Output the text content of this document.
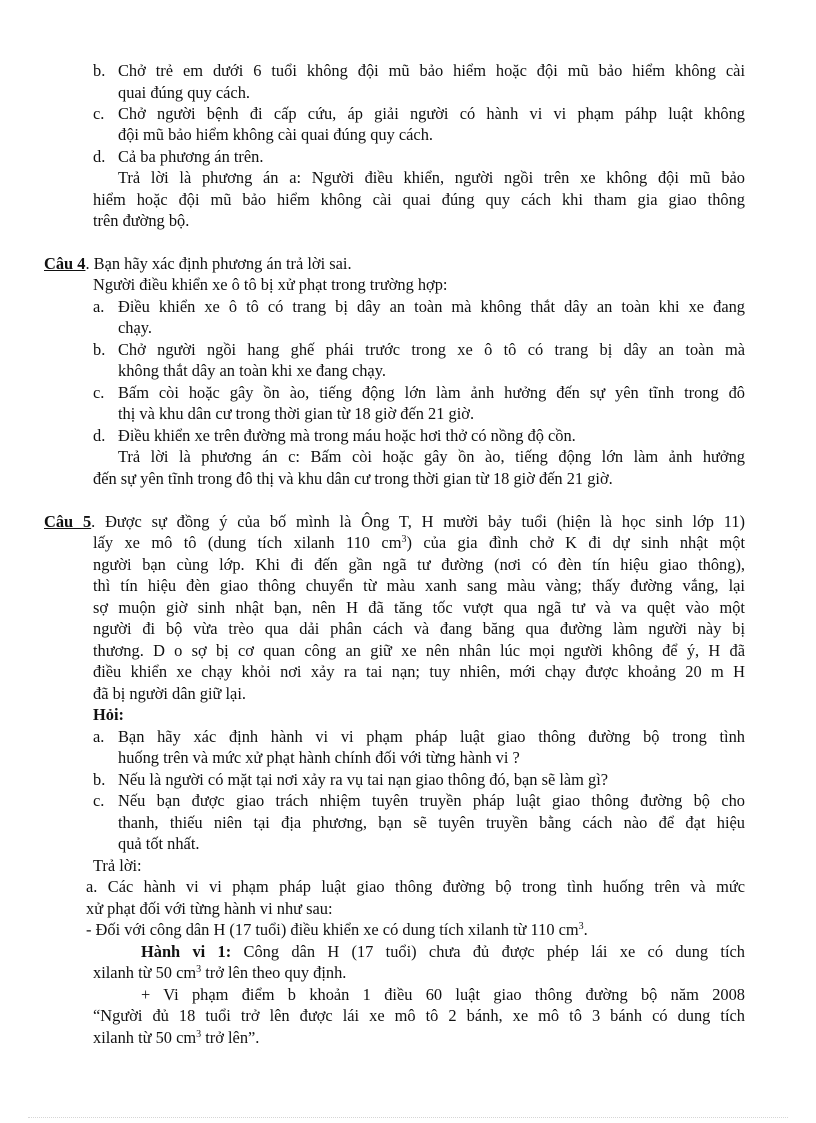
b. Chở trẻ em dưới 6 tuổi không đội mũ bảo hiểm hoặc đội mũ bảo hiểm không cài
quai đúng quy cách.
c. Chở người bệnh đi cấp cứu, áp giải người có hành vi vi phạm páhp luật không
đội mũ bảo hiểm không cài quai đúng quy cách.
d. Cả ba phương án trên.
Trả lời là phương án a: Người điều khiển, người ngồi trên xe không đội mũ bảo
hiểm hoặc đội mũ bảo hiểm không cài quai đúng quy cách khi tham gia giao thông
trên đường bộ.
Câu 4. Bạn hãy xác định phương án trả lời sai.
Người điều khiển xe ô tô bị xử phạt trong trường hợp:
a. Điều khiển xe ô tô có trang bị dây an toàn mà không thắt dây an toàn khi xe đang
chạy.
b. Chở người ngồi hang ghế phái trước trong xe ô tô có trang bị dây an toàn mà
không thắt dây an toàn khi xe đang chạy.
c. Bấm còi hoặc gây ồn ào, tiếng động lớn làm ảnh hưởng đến sự yên tĩnh trong đô
thị và khu dân cư trong thời gian từ 18 giờ đến 21 giờ.
d. Điều khiển xe trên đường mà trong máu hoặc hơi thở có nồng độ cồn.
Trả lời là phương án c: Bấm còi hoặc gây ồn ào, tiếng động lớn làm ảnh hưởng
đến sự yên tĩnh trong đô thị và khu dân cư trong thời gian từ 18 giờ đến 21 giờ.
Câu 5. Được sự đồng ý của bố mình là Ông T, H mười bảy tuổi (hiện là học sinh lớp 11)
lấy xe mô tô (dung tích xilanh 110 $cm^3$) của gia đình chở K đi dự sinh nhật một
người bạn cùng lớp. Khi đi đến gần ngã tư đường (nơi có đèn tín hiệu giao thông),
thì tín hiệu đèn giao thông chuyển từ màu xanh sang màu vàng; thấy đường vắng, lại
sợ muộn giờ sinh nhật bạn, nên H đã tăng tốc vượt qua ngã tư và va quệt vào một
người đi bộ vừa trèo qua dải phân cách và đang băng qua đường làm người này bị
thương. D o sợ bị cơ quan công an giữ xe nên nhân lúc mọi người không để ý, H đã
điều khiển xe chạy khỏi nơi xảy ra tai nạn; tuy nhiên, mới chạy được khoảng 20 m H
đã bị người dân giữ lại.
Hỏi:
a. Bạn hãy xác định hành vi vi phạm pháp luật giao thông đường bộ trong tình
huống trên và mức xử phạt hành chính đối với từng hành vi ?
b. Nếu là người có mặt tại nơi xảy ra vụ tai nạn giao thông đó, bạn sẽ làm gì?
c. Nếu bạn được giao trách nhiệm tuyên truyền pháp luật giao thông đường bộ cho
thanh, thiếu niên tại địa phương, bạn sẽ tuyên truyền bằng cách nào để đạt hiệu
quả tốt nhất.
Trả lời:
a. Các hành vi vi phạm pháp luật giao thông đường bộ trong tình huống trên và mức
xử phạt đối với từng hành vi như sau:
- Đối với công dân H (17 tuổi) điều khiển xe có dung tích xilanh từ 110 $cm^3$.
Hành vi 1: Công dân H (17 tuổi) chưa đủ được phép lái xe có dung tích
xilanh từ 50 $cm^3$ trở lên theo quy định.
+ Vi phạm điểm b khoản 1 điều 60 luật giao thông đường bộ năm 2008
“Người đủ 18 tuổi trở lên được lái xe mô tô 2 bánh, xe mô tô 3 bánh có dung tích
xilanh từ 50 $cm^3$ trở lên”.
